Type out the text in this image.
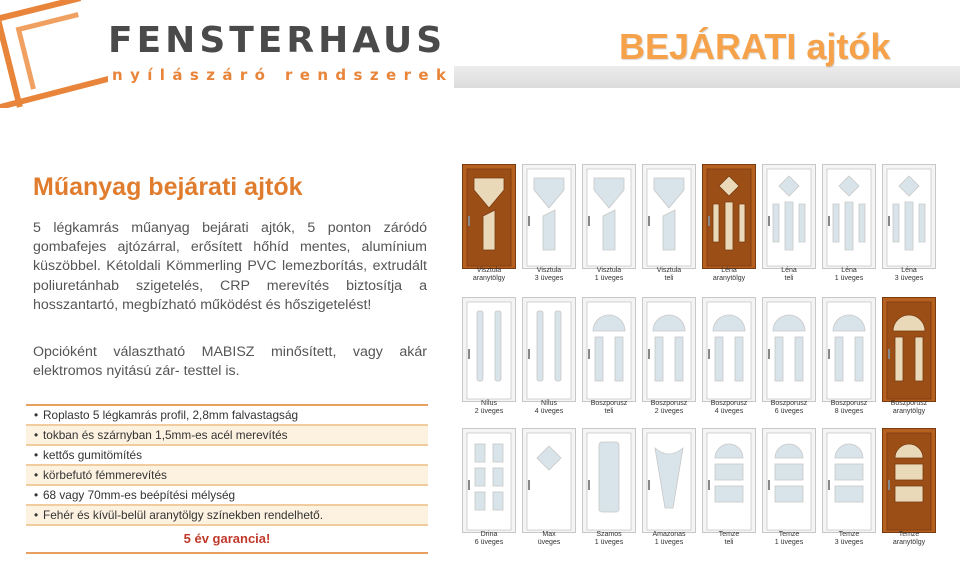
FENSTERHAUS
nyílászáró rendszerek
BEJÁRATI ajtók
Műanyag bejárati ajtók

5 légkamrás műanyag bejárati ajtók, 5 ponton záródó gombafejes ajtózárral, erősített hőhíd mentes, alumínium küszöbbel. Kétoldali Kömmerling PVC lemezborítás, extrudált poliuretánhab szigetelés, CRP merevítés biztosítja a hosszantartó, megbízható működést és hőszigetelést!

Opcióként választható MABISZ minősített, vagy akár elektromos nyitású zár- testtel is.

• Roplasto 5 légkamrás profil, 2,8mm falvastagság
• tokban és szárnyban 1,5mm-es acél merevítés
• kettős gumitömítés
• körbefutó fémmerevítés
• 68 vagy 70mm-es beépítési mélység
• Fehér és kívül-belül aranytölgy színekben rendelhető.
5 év garancia!
Visztula
aranytölgy
Visztula
3 üveges
Visztula
1 üveges
Visztula
teli
Léna
aranytölgy
Léna
teli
Léna
1 üveges
Léna
3 üveges
Nílus
2 üveges
Nílus
4 üveges
Boszporusz
teli
Boszporusz
2 üveges
Boszporusz
4 üveges
Boszporusz
6 üveges
Boszporusz
8 üveges
Boszporusz
aranytölgy
Drina
6 üveges
Max
üveges
Szamos
1 üveges
Amazonas
1 üveges
Temze
teli
Temze
1 üveges
Temze
3 üveges
Temze
aranytölgy
